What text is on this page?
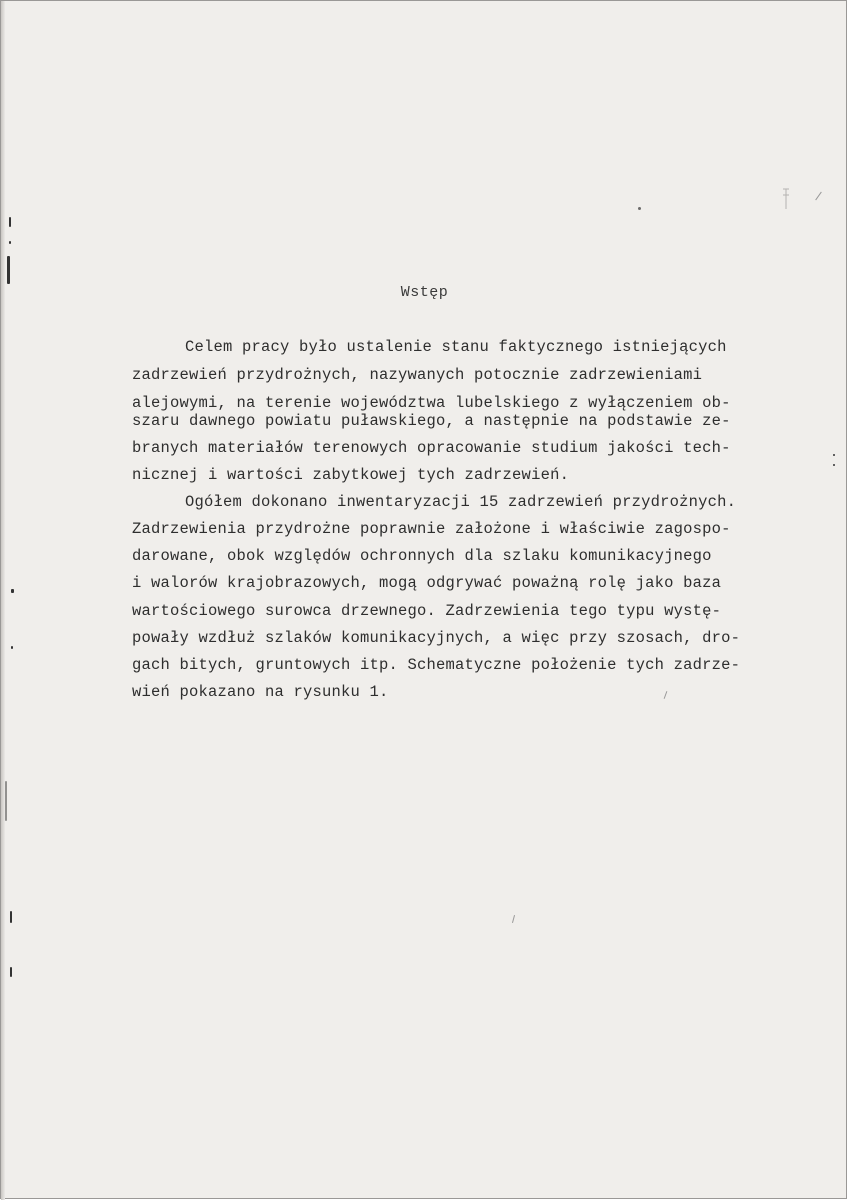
Wstęp
Celem pracy było ustalenie stanu faktycznego istniejących
zadrzewień przydrożnych, nazywanych potocznie zadrzewieniami
alejowymi, na terenie województwa lubelskiego z wyłączeniem ob-
szaru dawnego powiatu puławskiego, a następnie na podstawie ze-
branych materiałów terenowych opracowanie studium jakości tech-
nicznej i wartości zabytkowej tych zadrzewień.
Ogółem dokonano inwentaryzacji 15 zadrzewień przydrożnych.
Zadrzewienia przydrożne poprawnie założone i właściwie zagospo-
darowane, obok względów ochronnych dla szlaku komunikacyjnego
i walorów krajobrazowych, mogą odgrywać poważną rolę jako baza
wartościowego surowca drzewnego. Zadrzewienia tego typu wystę-
powały wzdłuż szlaków komunikacyjnych, a więc przy szosach, dro-
gach bitych, gruntowych itp. Schematyczne położenie tych zadrze-
wień pokazano na rysunku 1.
